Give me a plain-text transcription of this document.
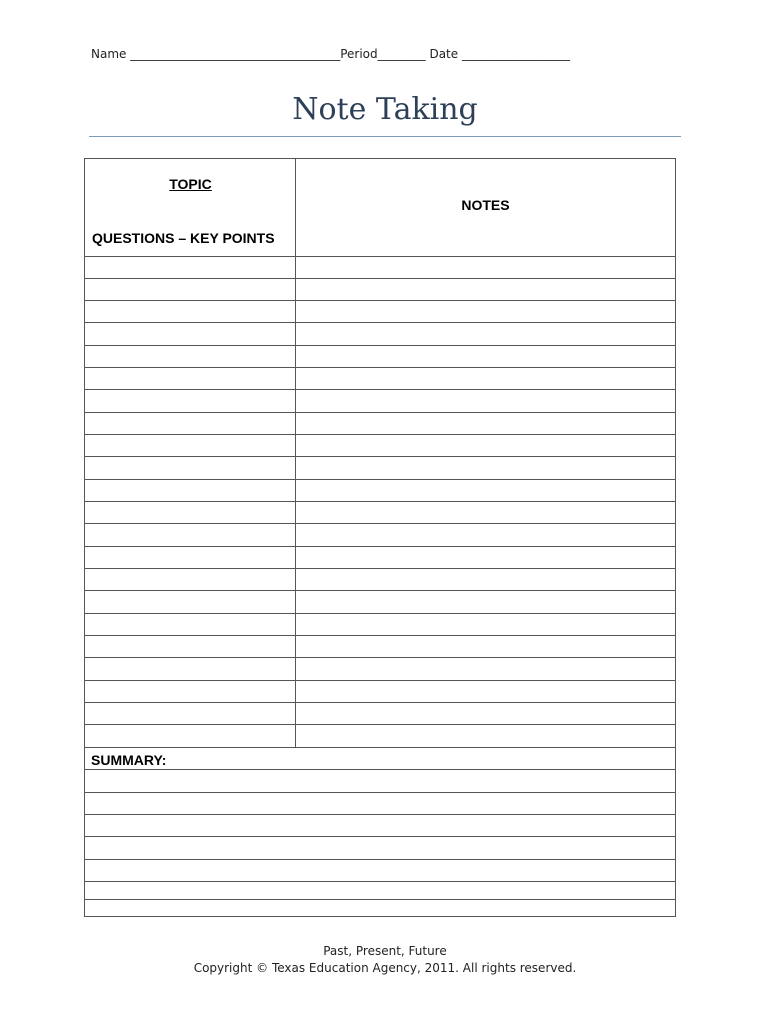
Name ___________________________________Period________ Date __________________
Note Taking
TOPIC
QUESTIONS – KEY POINTS
NOTES
SUMMARY:
Past, Present, Future
Copyright © Texas Education Agency, 2011. All rights reserved.
